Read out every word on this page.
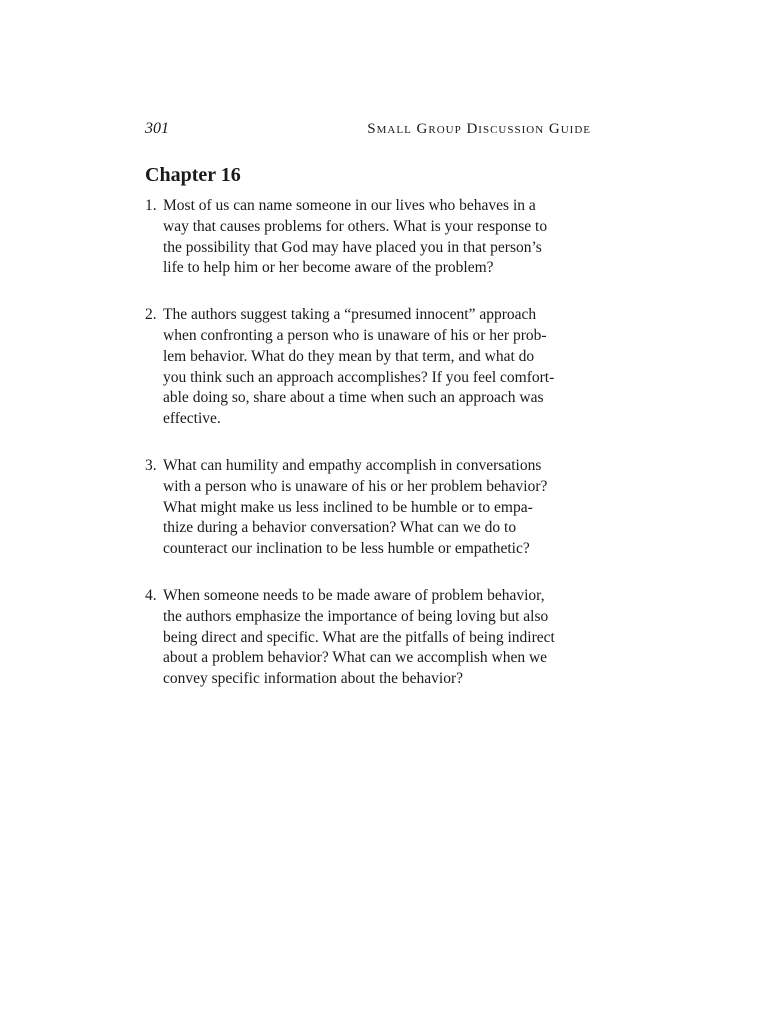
301	Small Group Discussion Guide
Chapter 16
1. Most of us can name someone in our lives who behaves in a
way that causes problems for others. What is your response to
the possibility that God may have placed you in that person’s
life to help him or her become aware of the problem?
2. The authors suggest taking a “presumed innocent” approach
when confronting a person who is unaware of his or her prob-
lem behavior. What do they mean by that term, and what do
you think such an approach accomplishes? If you feel comfort-
able doing so, share about a time when such an approach was
effective.
3. What can humility and empathy accomplish in conversations
with a person who is unaware of his or her problem behavior?
What might make us less inclined to be humble or to empa-
thize during a behavior conversation? What can we do to
counteract our inclination to be less humble or empathetic?
4. When someone needs to be made aware of problem behavior,
the authors emphasize the importance of being loving but also
being direct and specific. What are the pitfalls of being indirect
about a problem behavior? What can we accomplish when we
convey specific information about the behavior?
